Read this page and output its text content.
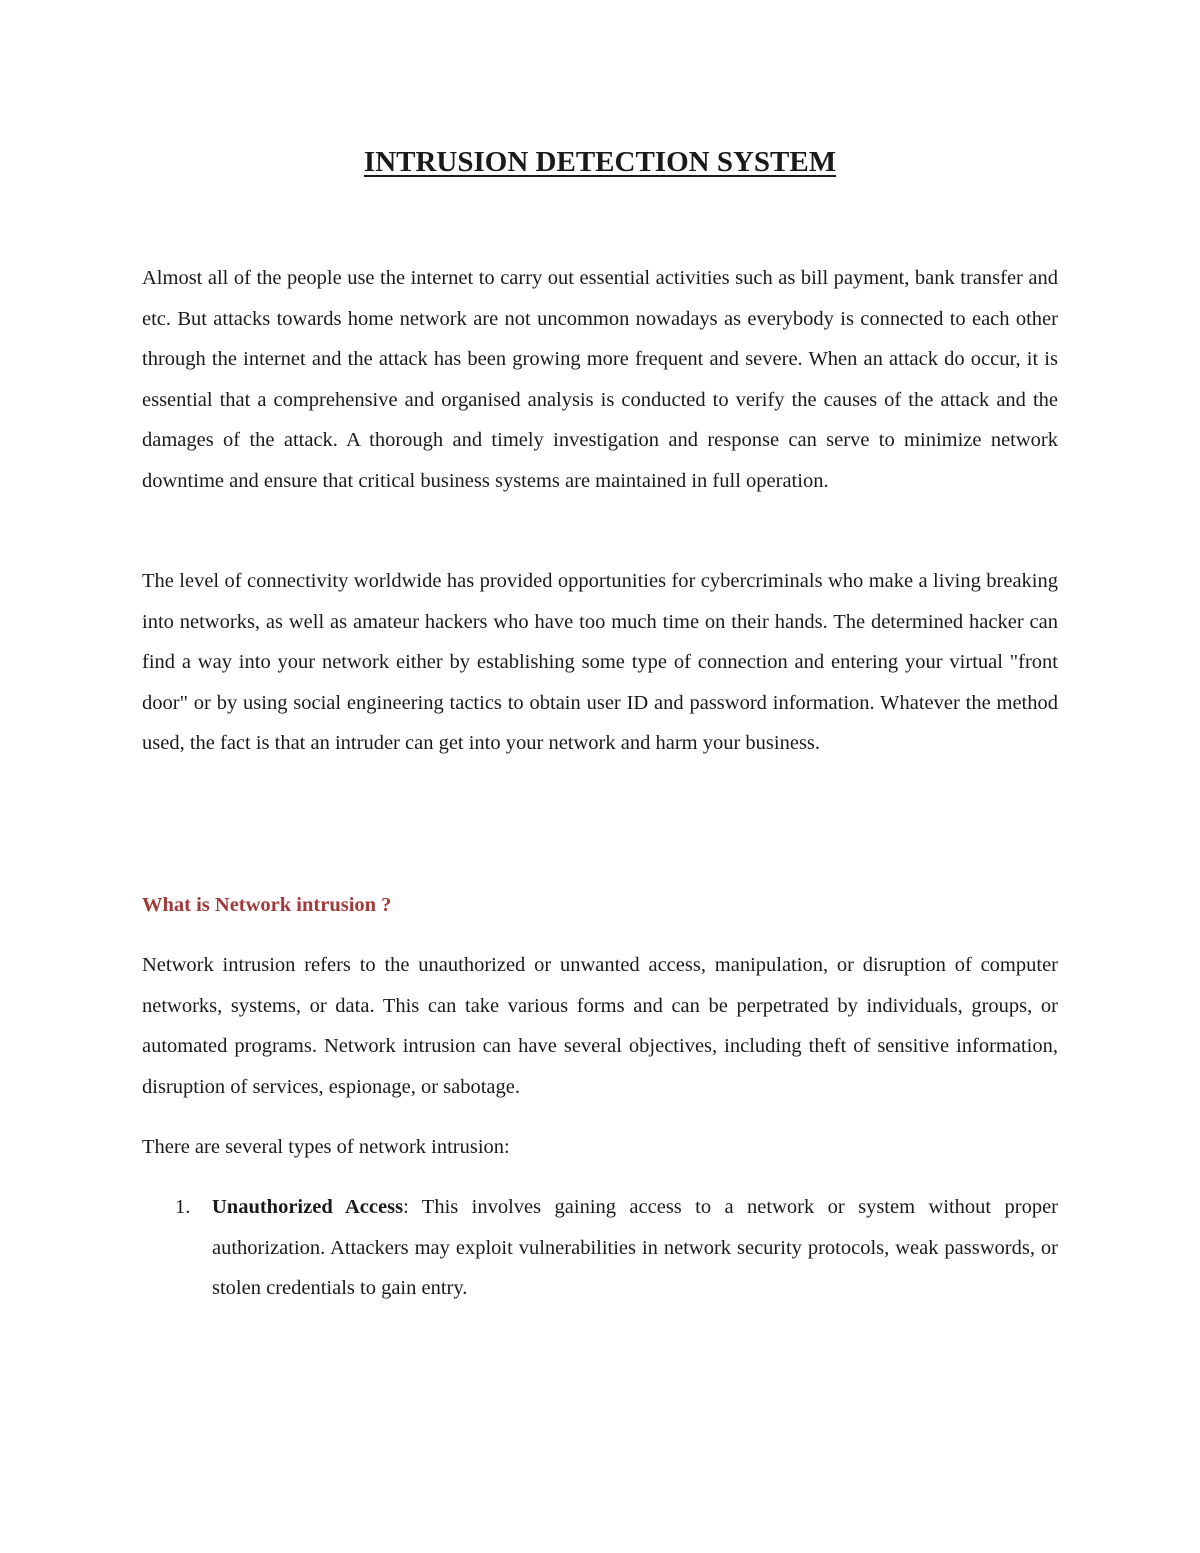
INTRUSION DETECTION SYSTEM

Almost all of the people use the internet to carry out essential activities such as bill payment, bank transfer and etc. But attacks towards home network are not uncommon nowadays as everybody is connected to each other through the internet and the attack has been growing more frequent and severe. When an attack do occur, it is essential that a comprehensive and organised analysis is conducted to verify the causes of the attack and the damages of the attack. A thorough and timely investigation and response can serve to minimize network downtime and ensure that critical business systems are maintained in full operation.

The level of connectivity worldwide has provided opportunities for cybercriminals who make a living breaking into networks, as well as amateur hackers who have too much time on their hands. The determined hacker can find a way into your network either by establishing some type of connection and entering your virtual "front door" or by using social engineering tactics to obtain user ID and password information. Whatever the method used, the fact is that an intruder can get into your network and harm your business.

What is Network intrusion ?

Network intrusion refers to the unauthorized or unwanted access, manipulation, or disruption of computer networks, systems, or data. This can take various forms and can be perpetrated by individuals, groups, or automated programs. Network intrusion can have several objectives, including theft of sensitive information, disruption of services, espionage, or sabotage.

There are several types of network intrusion:

1. Unauthorized Access: This involves gaining access to a network or system without proper authorization. Attackers may exploit vulnerabilities in network security protocols, weak passwords, or stolen credentials to gain entry.
